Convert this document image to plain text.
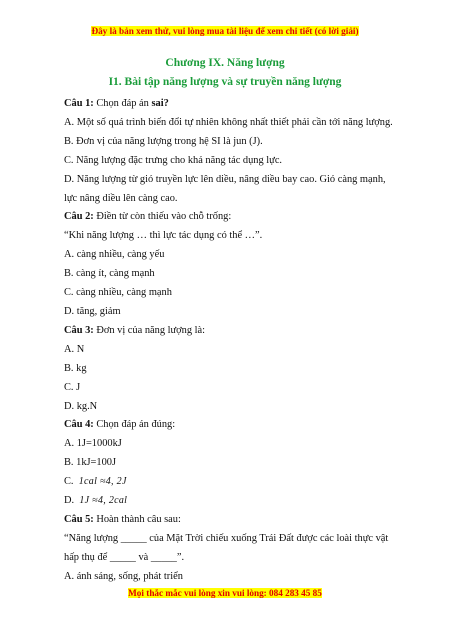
Đây là bản xem thử, vui lòng mua tài liệu để xem chi tiết (có lời giải)
Chương IX. Năng lượng
I1. Bài tập năng lượng và sự truyền năng lượng

Câu 1: Chọn đáp án sai?

A. Một số quá trình biến đổi tự nhiên không nhất thiết phải cần tới năng lượng.

B. Đơn vị của năng lượng trong hệ SI là jun (J).

C. Năng lượng đặc trưng cho khả năng tác dụng lực.

D. Năng lượng từ gió truyền lực lên diều, nâng diều bay cao. Gió càng mạnh, lực nâng diều lên càng cao.

Câu 2: Điền từ còn thiếu vào chỗ trống:

“Khi năng lượng … thì lực tác dụng có thể …”.

A. càng nhiều, càng yếu

B. càng ít, càng mạnh

C. càng nhiều, càng mạnh

D. tăng, giảm

Câu 3: Đơn vị của năng lượng là:

A. N

B. kg

C. J

D. kg.N

Câu 4: Chọn đáp án đúng:

A. 1J=1000kJ

B. 1kJ=100J

C. 1cal ≈4, 2J

D. 1J ≈4, 2cal

Câu 5: Hoàn thành câu sau:

“Năng lượng _____ của Mặt Trời chiếu xuống Trái Đất được các loài thực vật hấp thụ để _____ và _____”.

A. ánh sáng, sống, phát triển

Mọi thắc mắc vui lòng xin vui lòng: 084 283 45 85
